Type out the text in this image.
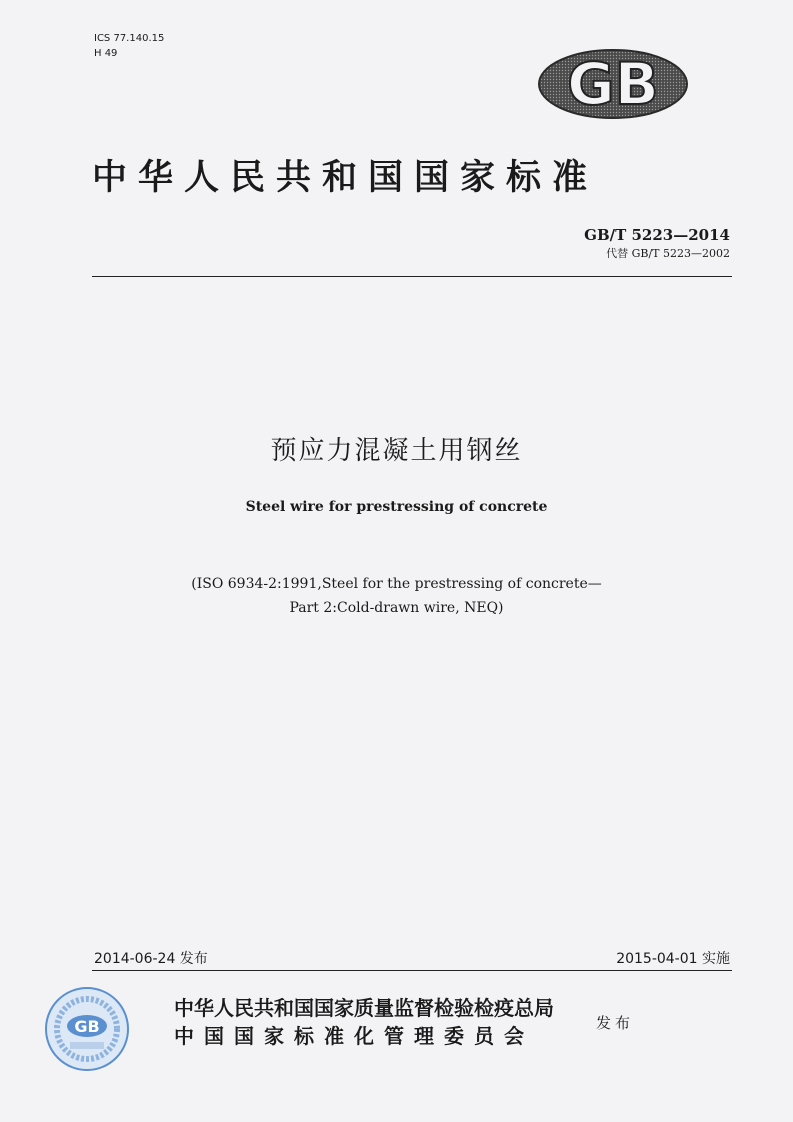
ICS 77.140.15
H 49	GB
中华人民共和国国家标准
GB/T 5223—2014
代替 GB/T 5223—2002
预应力混凝土用钢丝
Steel wire for prestressing of concrete
(ISO 6934-2:1991,Steel for the prestressing of concrete—
Part 2:Cold-drawn wire, NEQ)
2014-06-24 发布	2015-04-01 实施
GB
中华人民共和国国家质量监督检验检疫总局
中国国家标准化管理委员会
发布
